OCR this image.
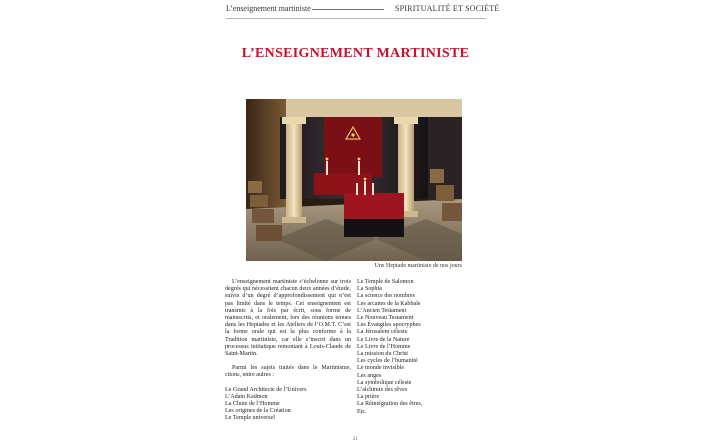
L’enseignement martiniste	SPIRITUALITÉ ET SOCIÉTÉ
L’ENSEIGNEMENT MARTINISTE
Une Heptade martiniste de nos jours

L’enseignement martiniste s’échelonne sur trois degrés qui nécessitent chacun deux années d’étude, suivis d’un degré d’approfondissement qui n’est pas limité dans le temps. Cet enseignement est transmis à la fois par écrit, sous forme de manuscrits, et oralement, lors des réunions tenues dans les Heptades et les Ateliers de l’O.M.T. C’est la forme orale qui est la plus conforme à la Tradition martiniste, car elle s’inscrit dans un processus initiatique remontant à Louis-Claude de Saint-Martin.

Parmi les sujets traités dans le Martinisme, citons, entre autres :

Le Grand Architecte de l’Univers
L’Adam Kadmon
La Chute de l’Homme
Les origines de la Création
Le Temple universel
Le Temple de Salomon
La Sophia
La science des nombres
Les arcanes de la Kabbale
L’Ancien Testament
Le Nouveau Testament
Les Évangiles apocryphes
La Jérusalem céleste
Le Livre de la Nature
Le Livre de l’Homme
La mission du Christ
Les cycles de l’humanité
Le monde invisible
Les anges
La symbolique céleste
L’alchimie des rêves
La prière
La Réintégration des êtres,
Etc.
21
